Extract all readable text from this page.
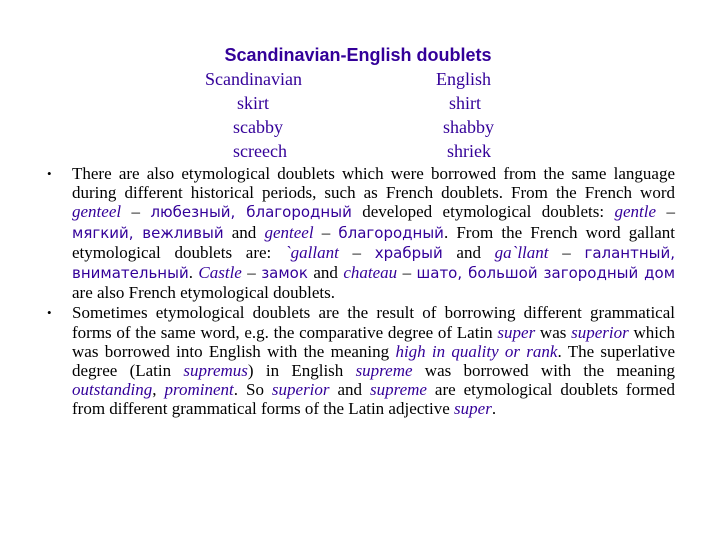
Scandinavian-English doublets
Scandinavian	English
skirt	shirt
scabby	shabby
screech	shriek

• There are also etymological doublets which were borrowed from the same language during different historical periods, such as French doublets. From the French word genteel – любезный, благородный developed etymological doublets: gentle – мягкий, вежливый and genteel – благородный. From the French word gallant etymological doublets are: `gallant – храбрый and ga`llant – галантный, внимательный. Castle – замок and chateau – шато, большой загородный дом are also French etymological doublets.

• Sometimes etymological doublets are the result of borrowing different grammatical forms of the same word, e.g. the comparative degree of Latin super was superior which was borrowed into English with the meaning high in quality or rank. The superlative degree (Latin supremus) in English supreme was borrowed with the meaning outstanding, prominent. So superior and supreme are etymological doublets formed from different grammatical forms of the Latin adjective super.
